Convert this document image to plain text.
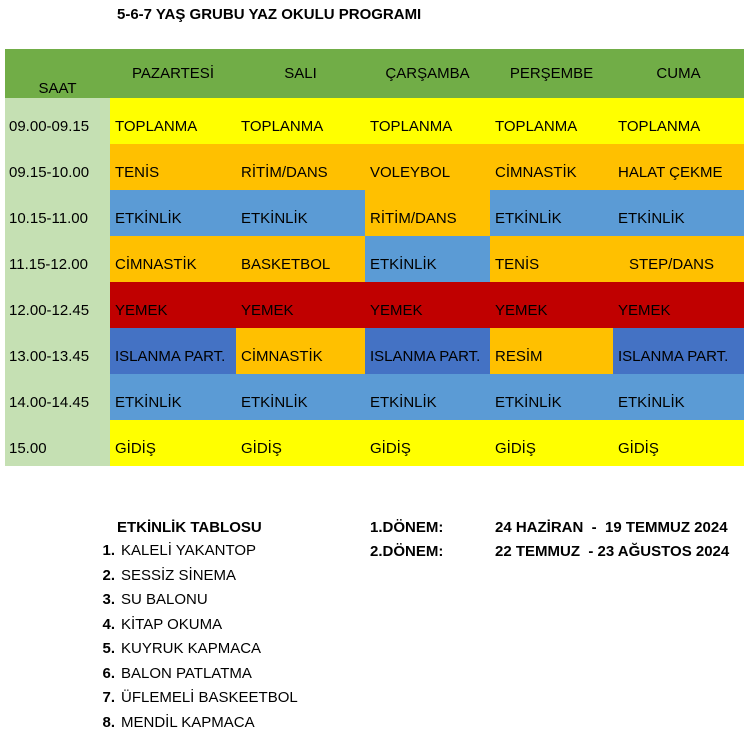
5-6-7 YAŞ GRUBU YAZ OKULU PROGRAMI
SAAT	PAZARTESİ	SALI	ÇARŞAMBA	PERŞEMBE	CUMA
09.00-09.15	TOPLANMA	TOPLANMA	TOPLANMA	TOPLANMA	TOPLANMA
09.15-10.00	TENİS	RİTİM/DANS	VOLEYBOL	CİMNASTİK	HALAT ÇEKME
10.15-11.00	ETKİNLİK	ETKİNLİK	RİTİM/DANS	ETKİNLİK	ETKİNLİK
11.15-12.00	CİMNASTİK	BASKETBOL	ETKİNLİK	TENİS	STEP/DANS
12.00-12.45	YEMEK	YEMEK	YEMEK	YEMEK	YEMEK
13.00-13.45	ISLANMA PART.	CİMNASTİK	ISLANMA PART.	RESİM	ISLANMA PART.
14.00-14.45	ETKİNLİK	ETKİNLİK	ETKİNLİK	ETKİNLİK	ETKİNLİK
15.00	GİDİŞ	GİDİŞ	GİDİŞ	GİDİŞ	GİDİŞ
ETKİNLİK TABLOSU
1. KALELİ YAKANTOP
2. SESSİZ SİNEMA
3. SU BALONU
4. KİTAP OKUMA
5. KUYRUK KAPMACA
6. BALON PATLATMA
7. ÜFLEMELİ BASKEETBOL
8. MENDİL KAPMACA
1.DÖNEM:	24 HAZİRAN  -  19 TEMMUZ 2024
2.DÖNEM:	22 TEMMUZ  - 23 AĞUSTOS 2024
